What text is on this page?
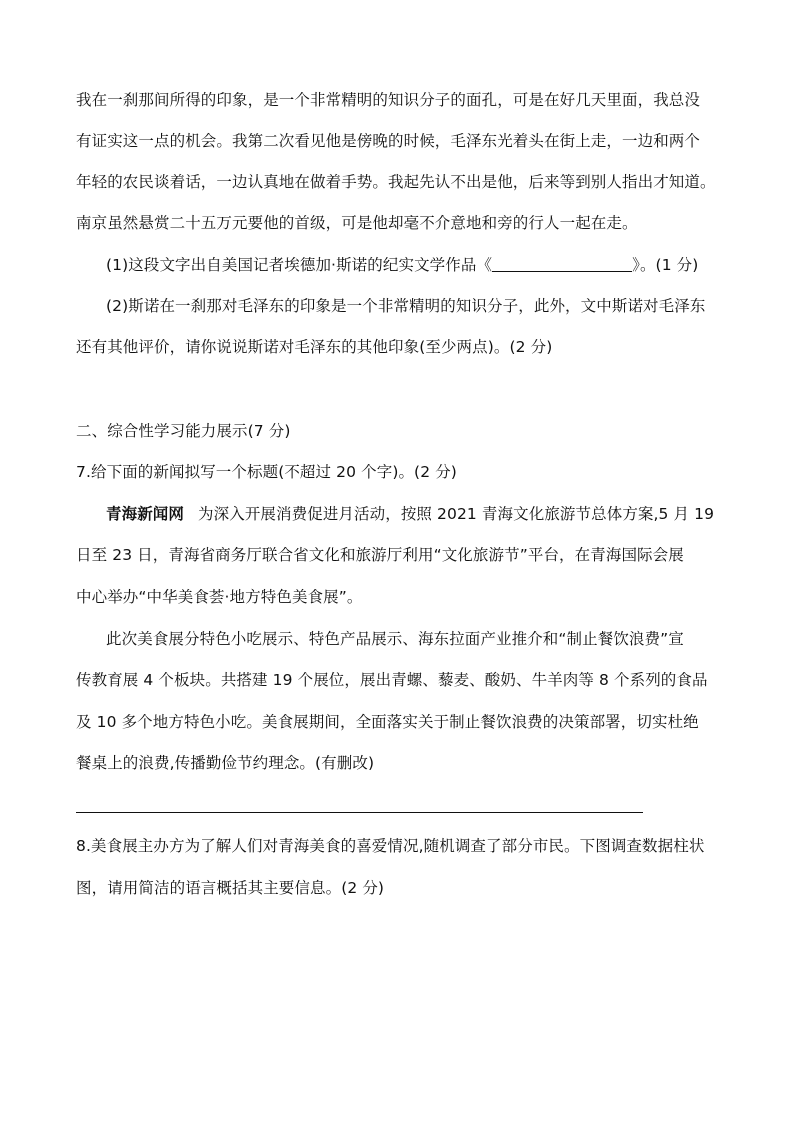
我在一刹那间所得的印象，是一个非常精明的知识分子的面孔，可是在好几天里面，我总没
有证实这一点的机会。我第二次看见他是傍晚的时候，毛泽东光着头在街上走，一边和两个
年轻的农民谈着话，一边认真地在做着手势。我起先认不出是他，后来等到别人指出才知道。
南京虽然悬赏二十五万元要他的首级，可是他却毫不介意地和旁的行人一起在走。
(1)这段文字出自美国记者埃德加·斯诺的纪实文学作品《	》。(1 分)
(2)斯诺在一刹那对毛泽东的印象是一个非常精明的知识分子，此外，文中斯诺对毛泽东
还有其他评价，请你说说斯诺对毛泽东的其他印象(至少两点)。(2 分)
二、综合性学习能力展示(7 分)
7.给下面的新闻拟写一个标题(不超过 20 个字)。(2 分)
青海新闻网 为深入开展消费促进月活动，按照 2021 青海文化旅游节总体方案,5 月 19
日至 23 日，青海省商务厅联合省文化和旅游厅利用“文化旅游节”平台，在青海国际会展
中心举办“中华美食荟·地方特色美食展”。
此次美食展分特色小吃展示、特色产品展示、海东拉面产业推介和“制止餐饮浪费”宣
传教育展 4 个板块。共搭建 19 个展位，展出青螺、藜麦、酸奶、牛羊肉等 8 个系列的食品
及 10 多个地方特色小吃。美食展期间，全面落实关于制止餐饮浪费的决策部署，切实杜绝
餐桌上的浪费,传播勤俭节约理念。(有删改)
8.美食展主办方为了解人们对青海美食的喜爱情况,随机调查了部分市民。下图调查数据柱状
图，请用简洁的语言概括其主要信息。(2 分)
